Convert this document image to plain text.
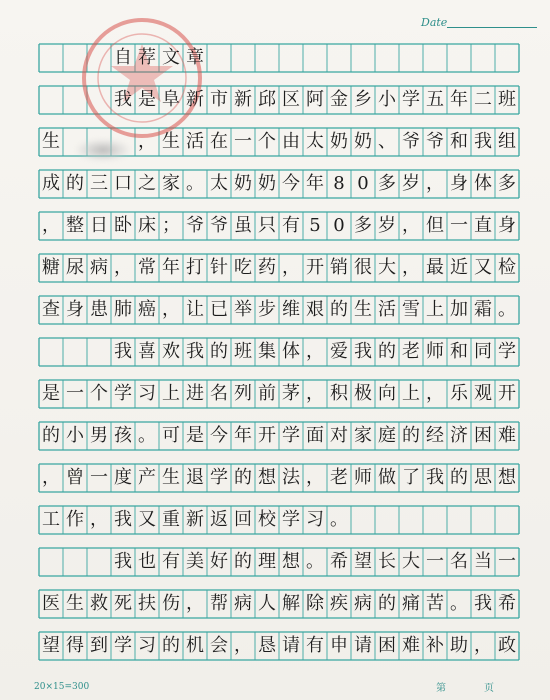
Date
自 荐 文 章
我 是 阜 新 市 新 邱 区 阿 金 乡 小 学 五 年 二 班
生	， 生 活 在 一 个 由 太 奶 奶 、 爷 爷 和 我 组
成 的 三 口 之 家 。 太 奶 奶 今 年 8 0 多 岁 ， 身 体 多
， 整 日 卧 床 ； 爷 爷 虽 只 有 5 0 多 岁 ， 但 一 直 身
糖 尿 病 ， 常 年 打 针 吃 药 ， 开 销 很 大 ， 最 近 又 检
查 身 患 肺 癌 ， 让 已 举 步 维 艰 的 生 活 雪 上 加 霜 。
我 喜 欢 我 的 班 集 体 ， 爱 我 的 老 师 和 同 学
是 一 个 学 习 上 进 名 列 前 茅 ， 积 极 向 上 ， 乐 观 开
的 小 男 孩 。 可 是 今 年 开 学 面 对 家 庭 的 经 济 困 难
， 曾 一 度 产 生 退 学 的 想 法 ， 老 师 做 了 我 的 思 想
工 作 ， 我 又 重 新 返 回 校 学 习 。
我 也 有 美 好 的 理 想 。 希 望 长 大 一 名 当 一
医 生 救 死 扶 伤 ， 帮 病 人 解 除 疾 病 的 痛 苦 。 我 希
望 得 到 学 习 的 机 会 ， 恳 请 有 申 请 困 难 补 助 ， 政
20×15=300	第页
